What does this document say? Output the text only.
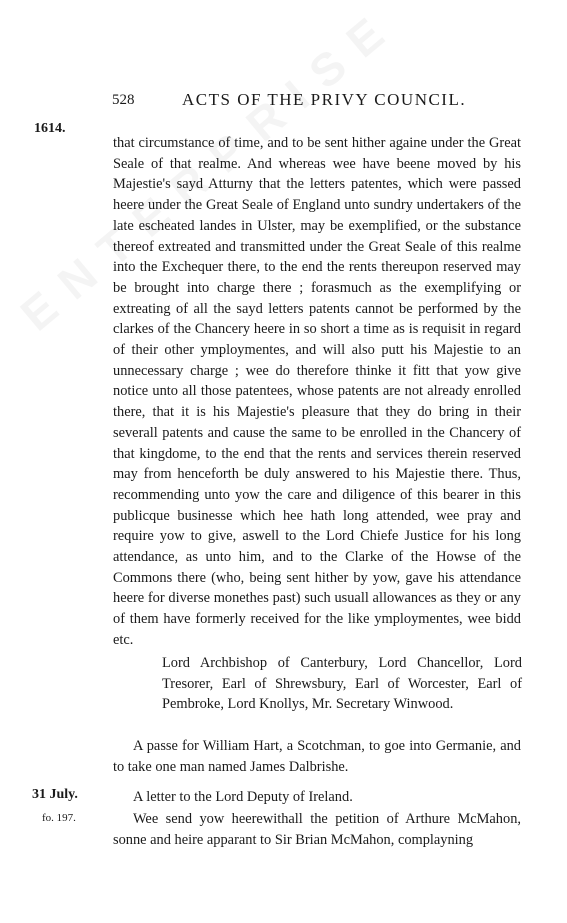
528	ACTS OF THE PRIVY COUNCIL.
1614.

that circumstance of time, and to be sent hither againe under the Great Seale of that realme. And whereas wee have beene moved by his Majestie's sayd Atturny that the letters patentes, which were passed heere under the Great Seale of England unto sundry undertakers of the late escheated landes in Ulster, may be exemplified, or the substance thereof extreated and transmitted under the Great Seale of this realme into the Exchequer there, to the end the rents thereupon reserved may be brought into charge there ; forasmuch as the exemplifying or extreating of all the sayd letters patents cannot be performed by the clarkes of the Chancery heere in so short a time as is requisit in regard of their other ymploymentes, and will also putt his Majestie to an unnecessary charge ; wee do therefore thinke it fitt that yow give notice unto all those patentees, whose patents are not already enrolled there, that it is his Majestie's pleasure that they do bring in their severall patents and cause the same to be enrolled in the Chancery of that kingdome, to the end that the rents and services therein reserved may from henceforth be duly answered to his Majestie there. Thus, recommending unto yow the care and diligence of this bearer in this publicque businesse which hee hath long attended, wee pray and require yow to give, aswell to the Lord Chiefe Justice for his long attendance, as unto him, and to the Clarke of the Howse of the Commons there (who, being sent hither by yow, gave his attendance heere for diverse monethes past) such usuall allowances as they or any of them have formerly received for the like ymploymentes, wee bidd etc.

Lord Archbishop of Canterbury, Lord Chancellor, Lord Tresorer, Earl of Shrewsbury, Earl of Worcester, Earl of Pembroke, Lord Knollys, Mr. Secretary Winwood.
A passe for William Hart, a Scotchman, to goe into Germanie, and to take one man named James Dalbrishe.
31 July.	A letter to the Lord Deputy of Ireland.
fo. 197.	Wee send yow heerewithall the petition of Arthure McMahon, sonne and heire apparant to Sir Brian McMahon, complayning
